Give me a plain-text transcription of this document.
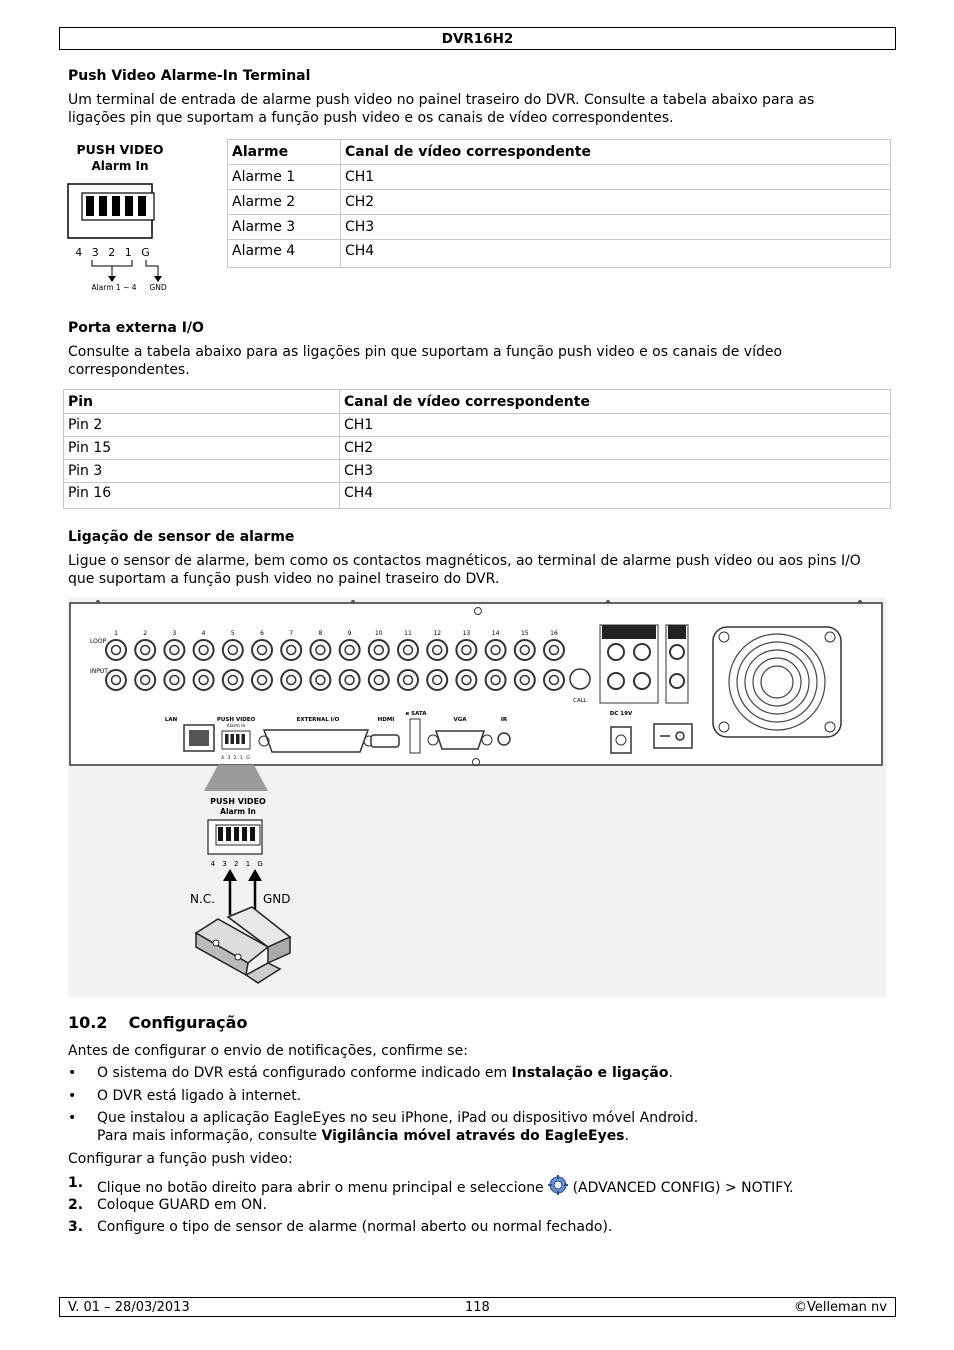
DVR16H2
Push Video Alarme-In Terminal
Um terminal de entrada de alarme push video no painel traseiro do DVR. Consulte a tabela abaixo para as ligações pin que suportam a função push video e os canais de vídeo correspondentes.
PUSH VIDEO
Alarm In
4 3 2 1 G
Alarm 1 ~ 4 GND
Alarme	Canal de vídeo correspondente
Alarme 1	CH1
Alarme 2	CH2
Alarme 3	CH3
Alarme 4	CH4
Porta externa I/O
Consulte a tabela abaixo para as ligações pin que suportam a função push video e os canais de vídeo correspondentes.
Pin	Canal de vídeo correspondente
Pin 2	CH1
Pin 15	CH2
Pin 3	CH3
Pin 16	CH4
Ligação de sensor de alarme
Ligue o sensor de alarme, bem como os contactos magnéticos, ao terminal de alarme push video ou aos pins I/O que suportam a função push video no painel traseiro do DVR.
LOOP
INPUT
1	2	3	4	5	6	7	8	9	10	11	12	13	14	15	16
CALL
LAN	PUSH VIDEO
Alarm In
4 3 2 1 G
EXTERNAL I/O	HDMI
e SATA
VGA	IR
DC 19V
PUSH VIDEO
Alarm In
4 3 2 1 G
N.C.	GND
10.2 Configuração
Antes de configurar o envio de notificações, confirme se:
• O sistema do DVR está configurado conforme indicado em Instalação e ligação.
• O DVR está ligado à internet.
• Que instalou a aplicação EagleEyes no seu iPhone, iPad ou dispositivo móvel Android.
Para mais informação, consulte Vigilância móvel através do EagleEyes.
Configurar a função push video:
1. Clique no botão direito para abrir o menu principal e seleccione  (ADVANCED CONFIG) > NOTIFY.
2. Coloque GUARD em ON.
3. Configure o tipo de sensor de alarme (normal aberto ou normal fechado).
V. 01 – 28/03/2013	118	©Velleman nv
